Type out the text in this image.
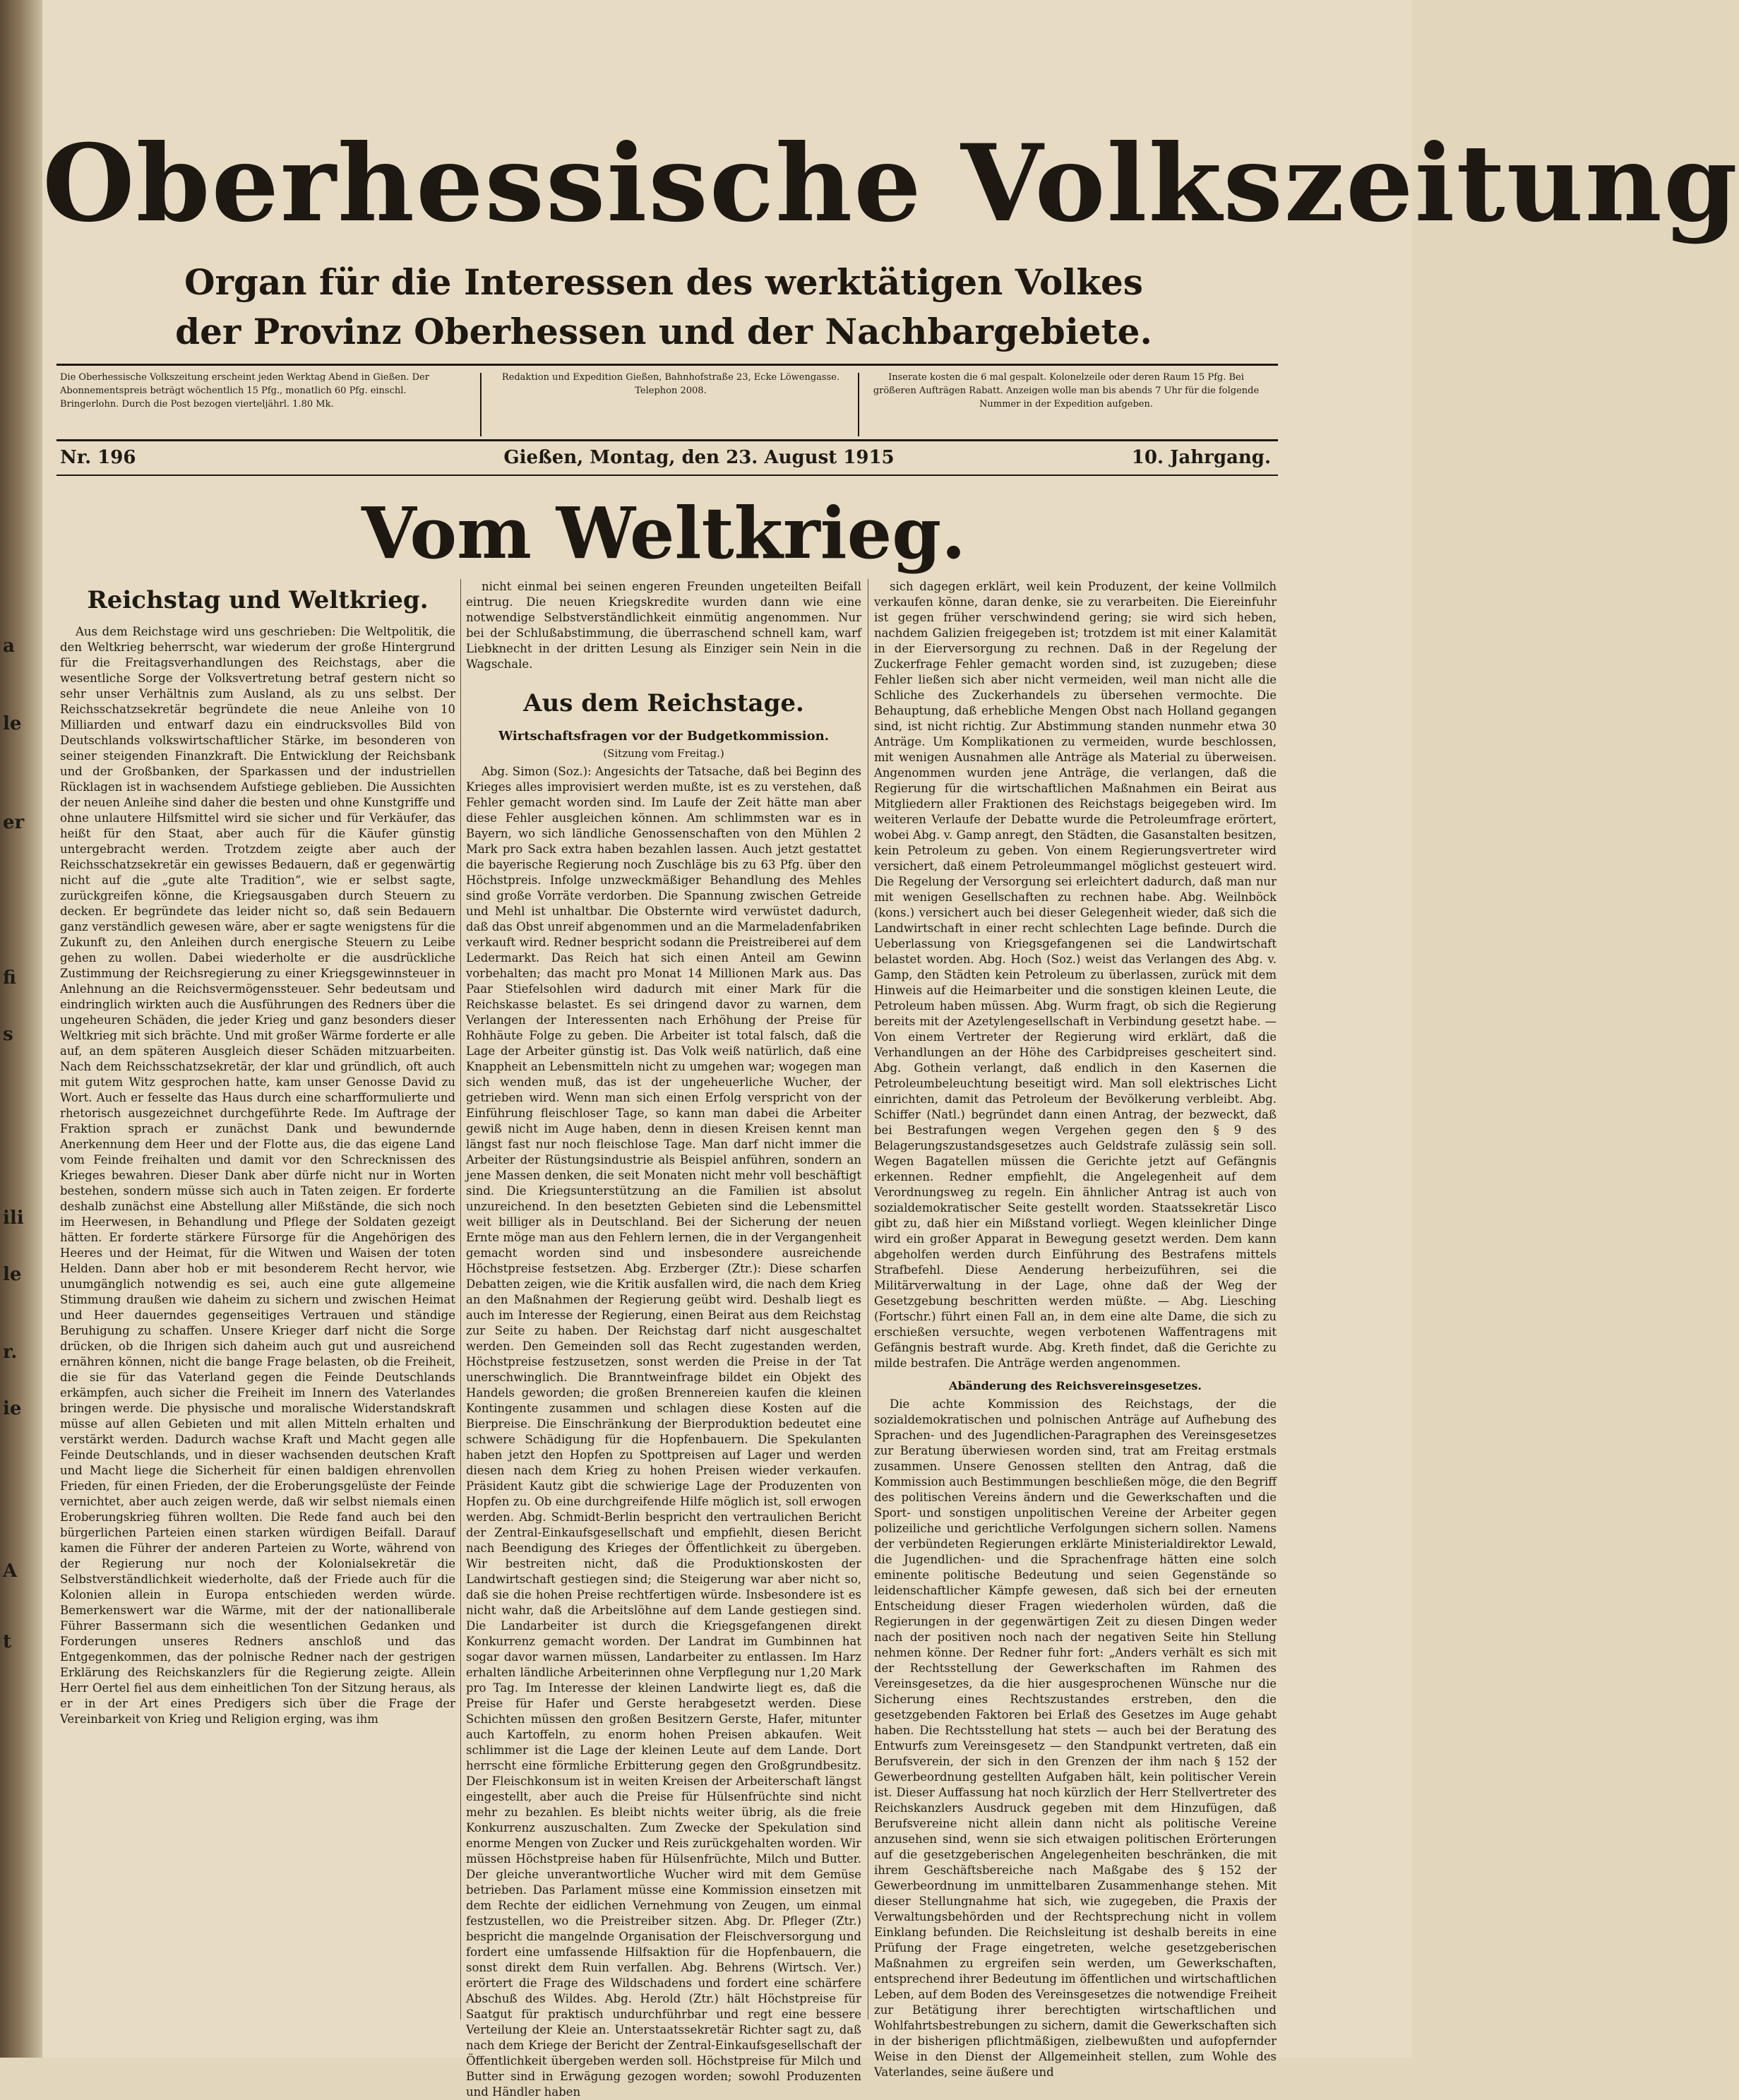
a
le
er
fi
s
ili
le
r.
ie
A
t
Oberhessische Volkszeitung
Organ für die Interessen des werktätigen Volkes
der Provinz Oberhessen und der Nachbargebiete.
Die Oberhessische Volkszeitung erscheint jeden Werktag Abend in Gießen. Der Abonnementspreis beträgt wöchentlich 15 Pfg., monatlich 60 Pfg. einschl. Bringerlohn. Durch die Post bezogen vierteljährl. 1.80 Mk.
Redaktion und Expedition Gießen, Bahnhofstraße 23, Ecke Löwengasse. Telephon 2008.
Inserate kosten die 6 mal gespalt. Kolonelzeile oder deren Raum 15 Pfg. Bei größeren Aufträgen Rabatt. Anzeigen wolle man bis abends 7 Uhr für die folgende Nummer in der Expedition aufgeben.
Nr. 196	Gießen, Montag, den 23. August 1915	10. Jahrgang.
Vom Weltkrieg.
Reichstag und Weltkrieg.

Aus dem Reichstage wird uns geschrieben: Die Weltpolitik, die den Weltkrieg beherrscht, war wiederum der große Hintergrund für die Freitagsverhandlungen des Reichstags, aber die wesentliche Sorge der Volksvertretung betraf gestern nicht so sehr unser Verhältnis zum Ausland, als zu uns selbst. Der Reichsschatzsekretär begründete die neue Anleihe von 10 Milliarden und entwarf dazu ein eindrucksvolles Bild von Deutschlands volkswirtschaftlicher Stärke, im besonderen von seiner steigenden Finanzkraft. Die Entwicklung der Reichsbank und der Großbanken, der Sparkassen und der industriellen Rücklagen ist in wachsendem Aufstiege geblieben. Die Aussichten der neuen Anleihe sind daher die besten und ohne Kunstgriffe und ohne unlautere Hilfsmittel wird sie sicher und für Verkäufer, das heißt für den Staat, aber auch für die Käufer günstig untergebracht werden. Trotzdem zeigte aber auch der Reichsschatzsekretär ein gewisses Bedauern, daß er gegenwärtig nicht auf die „gute alte Tradition“, wie er selbst sagte, zurückgreifen könne, die Kriegsausgaben durch Steuern zu decken. Er begründete das leider nicht so, daß sein Bedauern ganz verständlich gewesen wäre, aber er sagte wenigstens für die Zukunft zu, den Anleihen durch energische Steuern zu Leibe gehen zu wollen. Dabei wiederholte er die ausdrückliche Zustimmung der Reichsregierung zu einer Kriegsgewinnsteuer in Anlehnung an die Reichsvermögenssteuer. Sehr bedeutsam und eindringlich wirkten auch die Ausführungen des Redners über die ungeheuren Schäden, die jeder Krieg und ganz besonders dieser Weltkrieg mit sich brächte. Und mit großer Wärme forderte er alle auf, an dem späteren Ausgleich dieser Schäden mitzuarbeiten. Nach dem Reichsschatzsekretär, der klar und gründlich, oft auch mit gutem Witz gesprochen hatte, kam unser Genosse David zu Wort. Auch er fesselte das Haus durch eine scharfformulierte und rhetorisch ausgezeichnet durchgeführte Rede. Im Auftrage der Fraktion sprach er zunächst Dank und bewundernde Anerkennung dem Heer und der Flotte aus, die das eigene Land vom Feinde freihalten und damit vor den Schrecknissen des Krieges bewahren. Dieser Dank aber dürfe nicht nur in Worten bestehen, sondern müsse sich auch in Taten zeigen. Er forderte deshalb zunächst eine Abstellung aller Mißstände, die sich noch im Heerwesen, in Behandlung und Pflege der Soldaten gezeigt hätten. Er forderte stärkere Fürsorge für die Angehörigen des Heeres und der Heimat, für die Witwen und Waisen der toten Helden. Dann aber hob er mit besonderem Recht hervor, wie unumgänglich notwendig es sei, auch eine gute allgemeine Stimmung draußen wie daheim zu sichern und zwischen Heimat und Heer dauerndes gegenseitiges Vertrauen und ständige Beruhigung zu schaffen. Unsere Krieger darf nicht die Sorge drücken, ob die Ihrigen sich daheim auch gut und ausreichend ernähren können, nicht die bange Frage belasten, ob die Freiheit, die sie für das Vaterland gegen die Feinde Deutschlands erkämpfen, auch sicher die Freiheit im Innern des Vaterlandes bringen werde. Die physische und moralische Widerstandskraft müsse auf allen Gebieten und mit allen Mitteln erhalten und verstärkt werden. Dadurch wachse Kraft und Macht gegen alle Feinde Deutschlands, und in dieser wachsenden deutschen Kraft und Macht liege die Sicherheit für einen baldigen ehrenvollen Frieden, für einen Frieden, der die Eroberungsgelüste der Feinde vernichtet, aber auch zeigen werde, daß wir selbst niemals einen Eroberungskrieg führen wollten. Die Rede fand auch bei den bürgerlichen Parteien einen starken würdigen Beifall. Darauf kamen die Führer der anderen Parteien zu Worte, während von der Regierung nur noch der Kolonialsekretär die Selbstverständlichkeit wiederholte, daß der Friede auch für die Kolonien allein in Europa entschieden werden würde. Bemerkenswert war die Wärme, mit der der nationalliberale Führer Bassermann sich die wesentlichen Gedanken und Forderungen unseres Redners anschloß und das Entgegenkommen, das der polnische Redner nach der gestrigen Erklärung des Reichskanzlers für die Regierung zeigte. Allein Herr Oertel fiel aus dem einheitlichen Ton der Sitzung heraus, als er in der Art eines Predigers sich über die Frage der Vereinbarkeit von Krieg und Religion erging, was ihm

nicht einmal bei seinen engeren Freunden ungeteilten Beifall eintrug. Die neuen Kriegskredite wurden dann wie eine notwendige Selbstverständlichkeit einmütig angenommen. Nur bei der Schlußabstimmung, die überraschend schnell kam, warf Liebknecht in der dritten Lesung als Einziger sein Nein in die Wagschale.

Aus dem Reichstage.
Wirtschaftsfragen vor der Budgetkommission.
(Sitzung vom Freitag.)

Abg. Simon (Soz.): Angesichts der Tatsache, daß bei Beginn des Krieges alles improvisiert werden mußte, ist es zu verstehen, daß Fehler gemacht worden sind. Im Laufe der Zeit hätte man aber diese Fehler ausgleichen können. Am schlimmsten war es in Bayern, wo sich ländliche Genossenschaften von den Mühlen 2 Mark pro Sack extra haben bezahlen lassen. Auch jetzt gestattet die bayerische Regierung noch Zuschläge bis zu 63 Pfg. über den Höchstpreis. Infolge unzweckmäßiger Behandlung des Mehles sind große Vorräte verdorben. Die Spannung zwischen Getreide und Mehl ist unhaltbar. Die Obsternte wird verwüstet dadurch, daß das Obst unreif abgenommen und an die Marmeladenfabriken verkauft wird. Redner bespricht sodann die Preistreiberei auf dem Ledermarkt. Das Reich hat sich einen Anteil am Gewinn vorbehalten; das macht pro Monat 14 Millionen Mark aus. Das Paar Stiefelsohlen wird dadurch mit einer Mark für die Reichskasse belastet. Es sei dringend davor zu warnen, dem Verlangen der Interessenten nach Erhöhung der Preise für Rohhäute Folge zu geben. Die Arbeiter ist total falsch, daß die Lage der Arbeiter günstig ist. Das Volk weiß natürlich, daß eine Knappheit an Lebensmitteln nicht zu umgehen war; wogegen man sich wenden muß, das ist der ungeheuerliche Wucher, der getrieben wird. Wenn man sich einen Erfolg verspricht von der Einführung fleischloser Tage, so kann man dabei die Arbeiter gewiß nicht im Auge haben, denn in diesen Kreisen kennt man längst fast nur noch fleischlose Tage. Man darf nicht immer die Arbeiter der Rüstungsindustrie als Beispiel anführen, sondern an jene Massen denken, die seit Monaten nicht mehr voll beschäftigt sind. Die Kriegsunterstützung an die Familien ist absolut unzureichend. In den besetzten Gebieten sind die Lebensmittel weit billiger als in Deutschland. Bei der Sicherung der neuen Ernte möge man aus den Fehlern lernen, die in der Vergangenheit gemacht worden sind und insbesondere ausreichende Höchstpreise festsetzen. Abg. Erzberger (Ztr.): Diese scharfen Debatten zeigen, wie die Kritik ausfallen wird, die nach dem Krieg an den Maßnahmen der Regierung geübt wird. Deshalb liegt es auch im Interesse der Regierung, einen Beirat aus dem Reichstag zur Seite zu haben. Der Reichstag darf nicht ausgeschaltet werden. Den Gemeinden soll das Recht zugestanden werden, Höchstpreise festzusetzen, sonst werden die Preise in der Tat unerschwinglich. Die Branntweinfrage bildet ein Objekt des Handels geworden; die großen Brennereien kaufen die kleinen Kontingente zusammen und schlagen diese Kosten auf die Bierpreise. Die Einschränkung der Bierproduktion bedeutet eine schwere Schädigung für die Hopfenbauern. Die Spekulanten haben jetzt den Hopfen zu Spottpreisen auf Lager und werden diesen nach dem Krieg zu hohen Preisen wieder verkaufen. Präsident Kautz gibt die schwierige Lage der Produzenten von Hopfen zu. Ob eine durchgreifende Hilfe möglich ist, soll erwogen werden. Abg. Schmidt-Berlin bespricht den vertraulichen Bericht der Zentral-Einkaufsgesellschaft und empfiehlt, diesen Bericht nach Beendigung des Krieges der Öffentlichkeit zu übergeben. Wir bestreiten nicht, daß die Produktionskosten der Landwirtschaft gestiegen sind; die Steigerung war aber nicht so, daß sie die hohen Preise rechtfertigen würde. Insbesondere ist es nicht wahr, daß die Arbeitslöhne auf dem Lande gestiegen sind. Die Landarbeiter ist durch die Kriegsgefangenen direkt Konkurrenz gemacht worden. Der Landrat im Gumbinnen hat sogar davor warnen müssen, Landarbeiter zu entlassen. Im Harz erhalten ländliche Arbeiterinnen ohne Verpflegung nur 1,20 Mark pro Tag. Im Interesse der kleinen Landwirte liegt es, daß die Preise für Hafer und Gerste herabgesetzt werden. Diese Schichten müssen den großen Besitzern Gerste, Hafer, mitunter auch Kartoffeln, zu enorm hohen Preisen abkaufen. Weit schlimmer ist die Lage der kleinen Leute auf dem Lande. Dort herrscht eine förmliche Erbitterung gegen den Großgrundbesitz. Der Fleischkonsum ist in weiten Kreisen der Arbeiterschaft längst eingestellt, aber auch die Preise für Hülsenfrüchte sind nicht mehr zu bezahlen. Es bleibt nichts weiter übrig, als die freie Konkurrenz auszuschalten. Zum Zwecke der Spekulation sind enorme Mengen von Zucker und Reis zurückgehalten worden. Wir müssen Höchstpreise haben für Hülsenfrüchte, Milch und Butter. Der gleiche unverantwortliche Wucher wird mit dem Gemüse betrieben. Das Parlament müsse eine Kommission einsetzen mit dem Rechte der eidlichen Vernehmung von Zeugen, um einmal festzustellen, wo die Preistreiber sitzen. Abg. Dr. Pfleger (Ztr.) bespricht die mangelnde Organisation der Fleischversorgung und fordert eine umfassende Hilfsaktion für die Hopfenbauern, die sonst direkt dem Ruin verfallen. Abg. Behrens (Wirtsch. Ver.) erörtert die Frage des Wildschadens und fordert eine schärfere Abschuß des Wildes. Abg. Herold (Ztr.) hält Höchstpreise für Saatgut für praktisch undurchführbar und regt eine bessere Verteilung der Kleie an. Unterstaatssekretär Richter sagt zu, daß nach dem Kriege der Bericht der Zentral-Einkaufsgesellschaft der Öffentlichkeit übergeben werden soll. Höchstpreise für Milch und Butter sind in Erwägung gezogen worden; sowohl Produzenten und Händler haben

sich dagegen erklärt, weil kein Produzent, der keine Vollmilch verkaufen könne, daran denke, sie zu verarbeiten. Die Eiereinfuhr ist gegen früher verschwindend gering; sie wird sich heben, nachdem Galizien freigegeben ist; trotzdem ist mit einer Kalamität in der Eierversorgung zu rechnen. Daß in der Regelung der Zuckerfrage Fehler gemacht worden sind, ist zuzugeben; diese Fehler ließen sich aber nicht vermeiden, weil man nicht alle die Schliche des Zuckerhandels zu übersehen vermochte. Die Behauptung, daß erhebliche Mengen Obst nach Holland gegangen sind, ist nicht richtig. Zur Abstimmung standen nunmehr etwa 30 Anträge. Um Komplikationen zu vermeiden, wurde beschlossen, mit wenigen Ausnahmen alle Anträge als Material zu überweisen. Angenommen wurden jene Anträge, die verlangen, daß die Regierung für die wirtschaftlichen Maßnahmen ein Beirat aus Mitgliedern aller Fraktionen des Reichstags beigegeben wird. Im weiteren Verlaufe der Debatte wurde die Petroleumfrage erörtert, wobei Abg. v. Gamp anregt, den Städten, die Gasanstalten besitzen, kein Petroleum zu geben. Von einem Regierungsvertreter wird versichert, daß einem Petroleummangel möglichst gesteuert wird. Die Regelung der Versorgung sei erleichtert dadurch, daß man nur mit wenigen Gesellschaften zu rechnen habe. Abg. Weilnböck (kons.) versichert auch bei dieser Gelegenheit wieder, daß sich die Landwirtschaft in einer recht schlechten Lage befinde. Durch die Ueberlassung von Kriegsgefangenen sei die Landwirtschaft belastet worden. Abg. Hoch (Soz.) weist das Verlangen des Abg. v. Gamp, den Städten kein Petroleum zu überlassen, zurück mit dem Hinweis auf die Heimarbeiter und die sonstigen kleinen Leute, die Petroleum haben müssen. Abg. Wurm fragt, ob sich die Regierung bereits mit der Azetylengesellschaft in Verbindung gesetzt habe. — Von einem Vertreter der Regierung wird erklärt, daß die Verhandlungen an der Höhe des Carbidpreises gescheitert sind. Abg. Gothein verlangt, daß endlich in den Kasernen die Petroleumbeleuchtung beseitigt wird. Man soll elektrisches Licht einrichten, damit das Petroleum der Bevölkerung verbleibt. Abg. Schiffer (Natl.) begründet dann einen Antrag, der bezweckt, daß bei Bestrafungen wegen Vergehen gegen den § 9 des Belagerungszustandsgesetzes auch Geldstrafe zulässig sein soll. Wegen Bagatellen müssen die Gerichte jetzt auf Gefängnis erkennen. Redner empfiehlt, die Angelegenheit auf dem Verordnungsweg zu regeln. Ein ähnlicher Antrag ist auch von sozialdemokratischer Seite gestellt worden. Staatssekretär Lisco gibt zu, daß hier ein Mißstand vorliegt. Wegen kleinlicher Dinge wird ein großer Apparat in Bewegung gesetzt werden. Dem kann abgeholfen werden durch Einführung des Bestrafens mittels Strafbefehl. Diese Aenderung herbeizuführen, sei die Militärverwaltung in der Lage, ohne daß der Weg der Gesetzgebung beschritten werden müßte. — Abg. Liesching (Fortschr.) führt einen Fall an, in dem eine alte Dame, die sich zu erschießen versuchte, wegen verbotenen Waffentragens mit Gefängnis bestraft wurde. Abg. Kreth findet, daß die Gerichte zu milde bestrafen. Die Anträge werden angenommen.

Abänderung des Reichsvereinsgesetzes.

Die achte Kommission des Reichstags, der die sozialdemokratischen und polnischen Anträge auf Aufhebung des Sprachen- und des Jugendlichen-Paragraphen des Vereinsgesetzes zur Beratung überwiesen worden sind, trat am Freitag erstmals zusammen. Unsere Genossen stellten den Antrag, daß die Kommission auch Bestimmungen beschließen möge, die den Begriff des politischen Vereins ändern und die Gewerkschaften und die Sport- und sonstigen unpolitischen Vereine der Arbeiter gegen polizeiliche und gerichtliche Verfolgungen sichern sollen. Namens der verbündeten Regierungen erklärte Ministerialdirektor Lewald, die Jugendlichen- und die Sprachenfrage hätten eine solch eminente politische Bedeutung und seien Gegenstände so leidenschaftlicher Kämpfe gewesen, daß sich bei der erneuten Entscheidung dieser Fragen wiederholen würden, daß die Regierungen in der gegenwärtigen Zeit zu diesen Dingen weder nach der positiven noch nach der negativen Seite hin Stellung nehmen könne. Der Redner fuhr fort: „Anders verhält es sich mit der Rechtsstellung der Gewerkschaften im Rahmen des Vereinsgesetzes, da die hier ausgesprochenen Wünsche nur die Sicherung eines Rechtszustandes erstreben, den die gesetzgebenden Faktoren bei Erlaß des Gesetzes im Auge gehabt haben. Die Rechtsstellung hat stets — auch bei der Beratung des Entwurfs zum Vereinsgesetz — den Standpunkt vertreten, daß ein Berufsverein, der sich in den Grenzen der ihm nach § 152 der Gewerbeordnung gestellten Aufgaben hält, kein politischer Verein ist. Dieser Auffassung hat noch kürzlich der Herr Stellvertreter des Reichskanzlers Ausdruck gegeben mit dem Hinzufügen, daß Berufsvereine nicht allein dann nicht als politische Vereine anzusehen sind, wenn sie sich etwaigen politischen Erörterungen auf die gesetzgeberischen Angelegenheiten beschränken, die mit ihrem Geschäftsbereiche nach Maßgabe des § 152 der Gewerbeordnung im unmittelbaren Zusammenhange stehen. Mit dieser Stellungnahme hat sich, wie zugegeben, die Praxis der Verwaltungsbehörden und der Rechtsprechung nicht in vollem Einklang befunden. Die Reichsleitung ist deshalb bereits in eine Prüfung der Frage eingetreten, welche gesetzgeberischen Maßnahmen zu ergreifen sein werden, um Gewerkschaften, entsprechend ihrer Bedeutung im öffentlichen und wirtschaftlichen Leben, auf dem Boden des Vereinsgesetzes die notwendige Freiheit zur Betätigung ihrer berechtigten wirtschaftlichen und Wohlfahrtsbestrebungen zu sichern, damit die Gewerkschaften sich in der bisherigen pflichtmäßigen, zielbewußten und aufopfernder Weise in den Dienst der Allgemeinheit stellen, zum Wohle des Vaterlandes, seine äußere und
